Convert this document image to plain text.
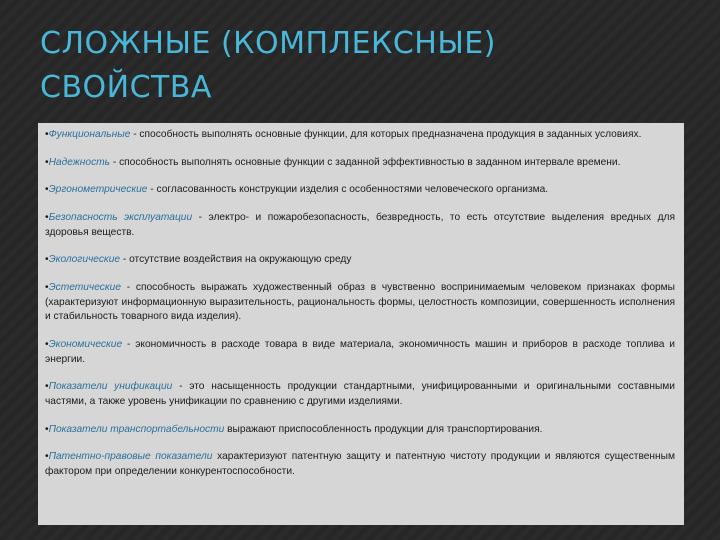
СЛОЖНЫЕ (КОМПЛЕКСНЫЕ)
СВОЙСТВА
•Функциональные - способность выполнять основные функции, для которых предназначена продукция в заданных условиях.
•Надежность - способность выполнять основные функции с заданной эффективностью в заданном интервале времени.
•Эргонометрические - согласованность конструкции изделия с особенностями человеческого организма.
•Безопасность эксплуатации - электро- и пожаробезопасность, безвредность, то есть отсутствие выделения вредных для здоровья веществ.
•Экологические - отсутствие воздействия на окружающую среду
•Эстетические - способность выражать художественный образ в чувственно воспринимаемым человеком признаках формы (характеризуют информационную выразительность, рациональность формы, целостность композиции, совершенность исполнения и стабильность товарного вида изделия).
•Экономические - экономичность в расходе товара в виде материала, экономичность машин и приборов в расходе топлива и энергии.
•Показатели унификации - это насыщенность продукции стандартными, унифицированными и оригинальными составными частями, а также уровень унификации по сравнению с другими изделиями.
•Показатели транспортабельности выражают приспособленность продукции для транспортирования.
•Патентно-правовые показатели характеризуют патентную защиту и патентную чистоту продукции и являются существенным фактором при определении конкурентоспособности.
